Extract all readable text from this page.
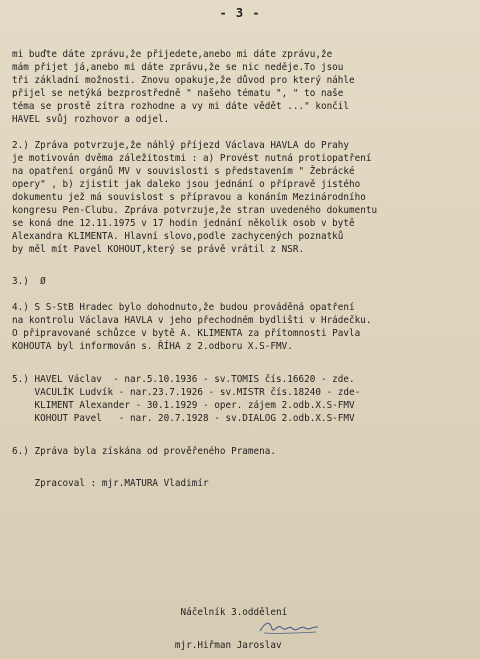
- 3 -
mi buďte dáte zprávu,že přijedete,anebo mi dáte zprávu,že
mám přijet já,anebo mi dáte zprávu,že se nic neděje.To jsou
tři základní možnosti. Znovu opakuje,že důvod pro který náhle
přijel se netýká bezprostředně " našeho tématu ", " to naše
téma se prostě zítra rozhodne a vy mi dáte vědět ..." končil
HAVEL svůj rozhovor a odjel.
2.) Zpráva potvrzuje,že náhlý příjezd Václava HAVLA do Prahy
je motivován dvěma záležitostmi : a) Provést nutná protiopatření
na opatření orgánů MV v souvislosti s představením " Žebrácké
opery" , b) zjistit jak daleko jsou jednání o přípravě jistého
dokumentu jež má souvislost s přípravou a konáním Mezinárodního
kongresu Pen-Clubu. Zpráva potvrzuje,že stran uvedeného dokumentu
se koná dne 12.11.1975 v 17 hodin jednání několik osob v bytě
Alexandra KLIMENTA. Hlavní slovo,podle zachycených poznatků
by měl mít Pavel KOHOUT,který se právě vrátil z NSR.
3.)  Ø
4.) S S-StB Hradec bylo dohodnuto,že budou prováděná opatření
na kontrolu Václava HAVLA v jeho přechodném bydlišti v Hrádečku.
O připravované schůzce v bytě A. KLIMENTA za přítomnosti Pavla
KOHOUTA byl informován s. ŘÍHA z 2.odboru X.S-FMV.
5.) HAVEL Václav  - nar.5.10.1936 - sv.TOMIS čís.16620 - zde.
VACULÍK Ludvík - nar.23.7.1926 - sv.MISTR čís.18240 - zde-
KLIMENT Alexander - 30.1.1929 - oper. zájem 2.odb.X.S-FMV
KOHOUT Pavel   - nar. 20.7.1928 - sv.DIALOG 2.odb.X.S-FMV
6.) Zpráva byla získána od prověřeného Pramena.
Zpracoval : mjr.MATURA Vladimír
Náčelník 3.oddělení
mjr.Hiřman Jaroslav
